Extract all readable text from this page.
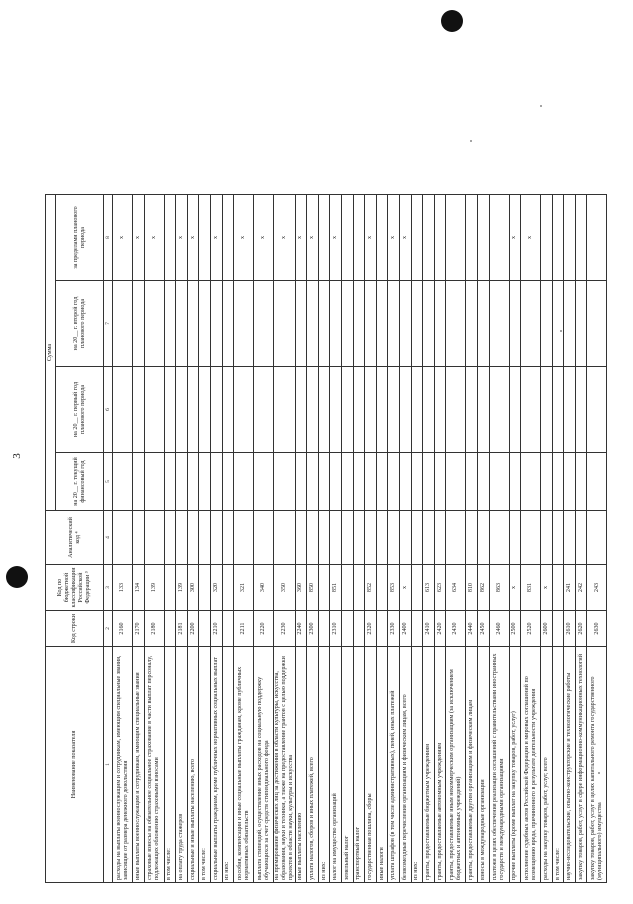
3
Наименование показателя	Код строки	Код по бюджетной классификации Российской Федерации ³	Аналитический код ⁴	Сумма			
				на 20__ г. текущий финансовый год	на 20__ г. первый год планового периода	на 20__ г. второй год планового периода	за пределами планового периода
1	2	3	4	5	6	7	8
расходы на выплаты военнослужащим и сотрудникам, имеющим специальные звания, зависящие от размера денежного довольствия	2160	133					x
иные выплаты военнослужащим и сотрудникам, имеющим специальные звания	2170	134					x
страховые взносы на обязательное социальное страхование в части выплат персоналу, подлежащих обложению страховыми взносами	2180	139					x
в том числе:							
на оплату труда стажеров	2181	139					x
социальные и иные выплаты населению, всего	2200	300					x
в том числе:							
социальные выплаты гражданам, кроме публичных нормативных социальных выплат	2210	320					x
из них:							
пособия, компенсации и иные социальные выплаты гражданам, кроме публичных нормативных обязательств	2211	321					x
выплата стипендий, осуществление иных расходов на социальную поддержку обучающихся за счет средств стипендиального фонда	2220	340					x
на премирование физических лиц за достижения в области культуры, искусства, образования, науки и техники, а также на предоставление грантов с целью поддержки проектов в области науки, культуры и искусства	2230	350					x
иные выплаты населению	2240	360					x
уплата налогов, сборов и иных платежей, всего	2300	850					x
из них:							
налог на имущество организаций	2310	851					x
земельный налог							
транспортный налог							
государственная пошлина, сборы	2320	852					x
иные налоги							
уплата штрафов (в том числе административных), пеней, иных платежей	2330	853					x
безвозмездные перечисления организациям и физическим лицам, всего	2400	x					x
из них:							
гранты, предоставляемые бюджетным учреждениям	2410	613					
гранты, предоставляемые автономным учреждениям	2420	623					
гранты, предоставляемые иным некоммерческим организациям (за исключением бюджетных и автономных учреждений)	2430	634					
гранты, предоставляемые другим организациям и физическим лицам	2440	810					
взносы в международные организации	2450	862					
платежи в целях обеспечения реализации соглашений с правительствами иностранных государств и международными организациями	2460	863					
прочие выплаты (кроме выплат на закупку товаров, работ, услуг)	2500	x					x
исполнение судебных актов Российской Федерации и мировых соглашений по возмещению вреда, причиненного в результате деятельности учреждения	2520	831					x
расходы на закупку товаров, работ, услуг, всего	2600	x					
в том числе:							
научно-исследовательские, опытно-конструкторские и технологические работы	2610	241					
закупку товаров, работ, услуг в сфере информационно-коммуникационных технологий	2620	242					
закупку товаров, работ, услуг в целях капитального ремонта государственного (муниципального) имущества	2630	243					
